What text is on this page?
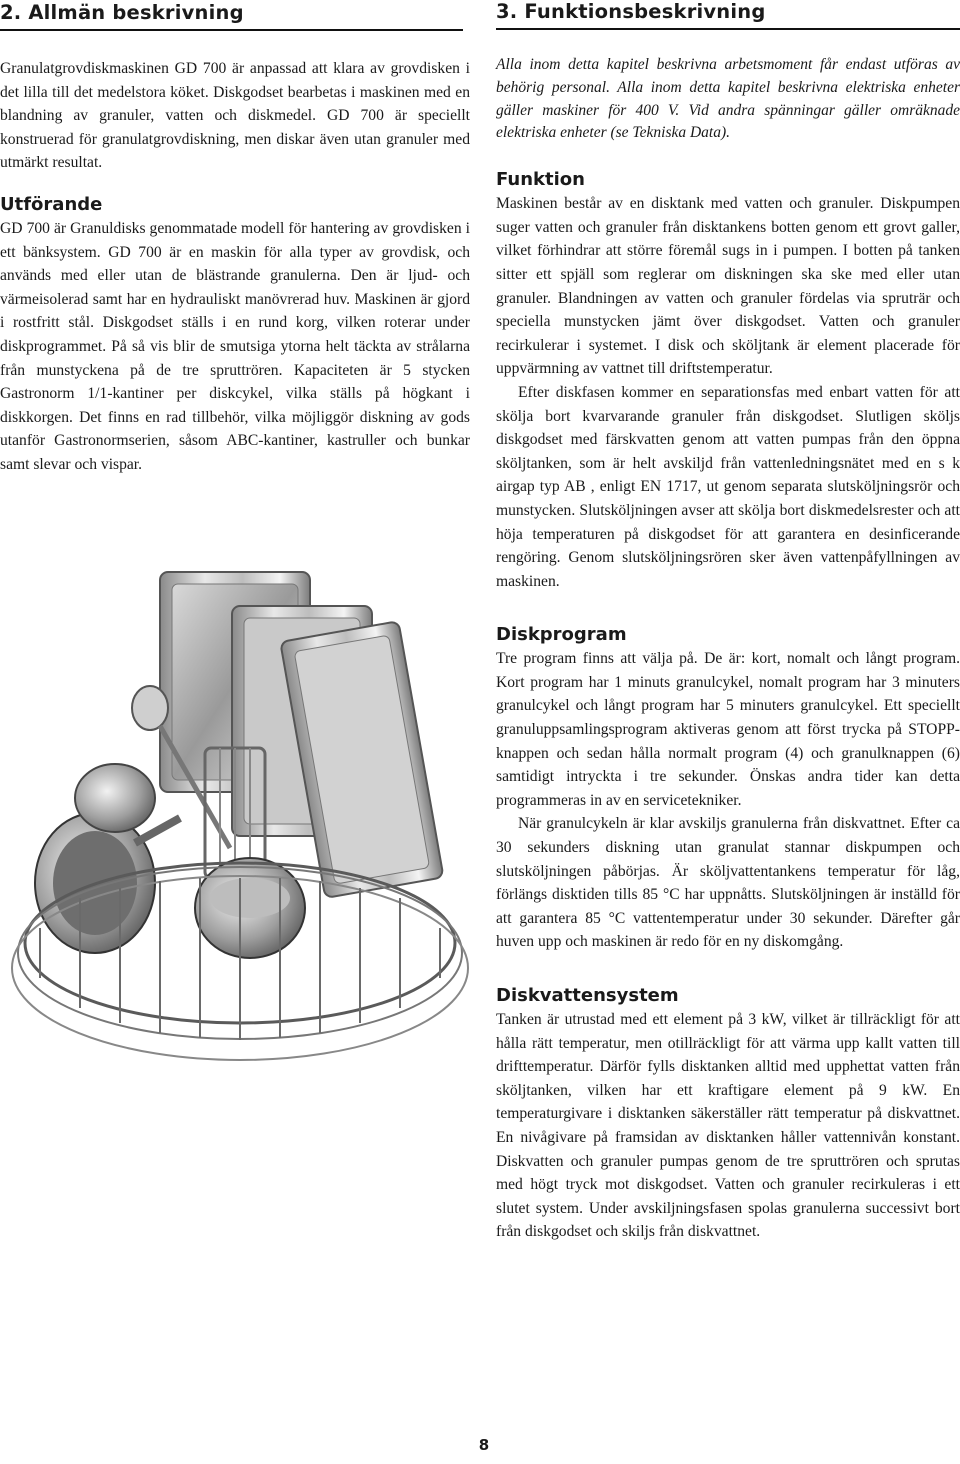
2. Allmän beskrivning

Granulatgrovdiskmaskinen GD 700 är anpassad att klara av grovdisken i det lilla till det medelstora köket. Diskgodset bearbetas i maskinen med en blandning av granuler, vatten och diskmedel. GD 700 är speciellt konstruerad för granulatgrovdiskning, men diskar även utan granuler med utmärkt resultat.

Utförande

GD 700 är Granuldisks genommatade modell för hantering av grovdisken i ett bänksystem. GD 700 är en maskin för alla typer av grovdisk, och används med eller utan de blästrande granulerna. Den är ljud- och värmeisolerad samt har en hydrauliskt manövrerad huv. Maskinen är gjord i rostfritt stål. Diskgodset ställs i en rund korg, vilken roterar under diskprogrammet. På så vis blir de smutsiga ytorna helt täckta av strålarna från munstyckena på de tre spruttrören. Kapaciteten är 5 stycken Gastronorm 1/1-kantiner per diskcykel, vilka ställs på högkant i diskkorgen. Det finns en rad tillbehör, vilka möjliggör diskning av gods utanför Gastronormserien, såsom ABC-kantiner, kastruller och bunkar samt slevar och vispar.

3. Funktionsbeskrivning

Alla inom detta kapitel beskrivna arbetsmoment får endast utföras av behörig personal. Alla inom detta kapitel beskrivna elektriska enheter gäller maskiner för 400 V. Vid andra spänningar gäller omräknade elektriska enheter (se Tekniska Data).

Funktion

Maskinen består av en disktank med vatten och granuler. Diskpumpen suger vatten och granuler från disktankens botten genom ett grovt galler, vilket förhindrar att större föremål sugs in i pumpen. I botten på tanken sitter ett spjäll som reglerar om diskningen ska ske med eller utan granuler. Blandningen av vatten och granuler fördelas via spruträr och speciella munstycken jämt över diskgodset. Vatten och granuler recirkulerar i systemet. I disk och sköljtank är element placerade för uppvärmning av vattnet till driftstemperatur.

Efter diskfasen kommer en separationsfas med enbart vatten för att skölja bort kvarvarande granuler från diskgodset. Slutligen sköljs diskgodset med färskvatten genom att vatten pumpas från den öppna sköljtanken, som är helt avskiljd från vattenledningsnätet med en s k airgap typ AB , enligt EN 1717, ut genom separata slutsköljningsrör och munstycken. Slutsköljningen avser att skölja bort diskmedelsrester och att höja temperaturen på diskgodset för att garantera en desinficerande rengöring. Genom slutsköljningsrören sker även vattenpåfyllningen av maskinen.

Diskprogram

Tre program finns att välja på. De är: kort, nomalt och långt program. Kort program har 1 minuts granulcykel, nomalt program har 3 minuters granulcykel och långt program har 5 minuters granulcykel. Ett speciellt granuluppsamlingsprogram aktiveras genom att först trycka på STOPP-knappen och sedan hålla normalt program (4) och granulknappen (6) samtidigt intryckta i tre sekunder. Önskas andra tider kan detta programmeras in av en servicetekniker.

När granulcykeln är klar avskiljs granulerna från diskvattnet. Efter ca 30 sekunders diskning utan granulat stannar diskpumpen och slutsköljningen påbörjas. Är sköljvattentankens temperatur för låg, förlängs disktiden tills 85 °C har uppnåtts. Slutsköljningen är inställd för att garantera 85 °C vattentemperatur under 30 sekunder. Därefter går huven upp och maskinen är redo för en ny diskomgång.

Diskvattensystem

Tanken är utrustad med ett element på 3 kW, vilket är tillräckligt för att hålla rätt temperatur, men otillräckligt för att värma upp kallt vatten till drifttemperatur. Därför fylls disktanken alltid med upphettat vatten från sköljtanken, vilken har ett kraftigare element på 9 kW. En temperaturgivare i disktanken säkerställer rätt temperatur på diskvattnet. En nivågivare på framsidan av disktanken håller vattennivån konstant. Diskvatten och granuler pumpas genom de tre spruttrören och sprutas med högt tryck mot diskgodset. Vatten och granuler recirkuleras i ett slutet system. Under avskiljningsfasen spolas granulerna successivt bort från diskgodset och skiljs från diskvattnet.

8
